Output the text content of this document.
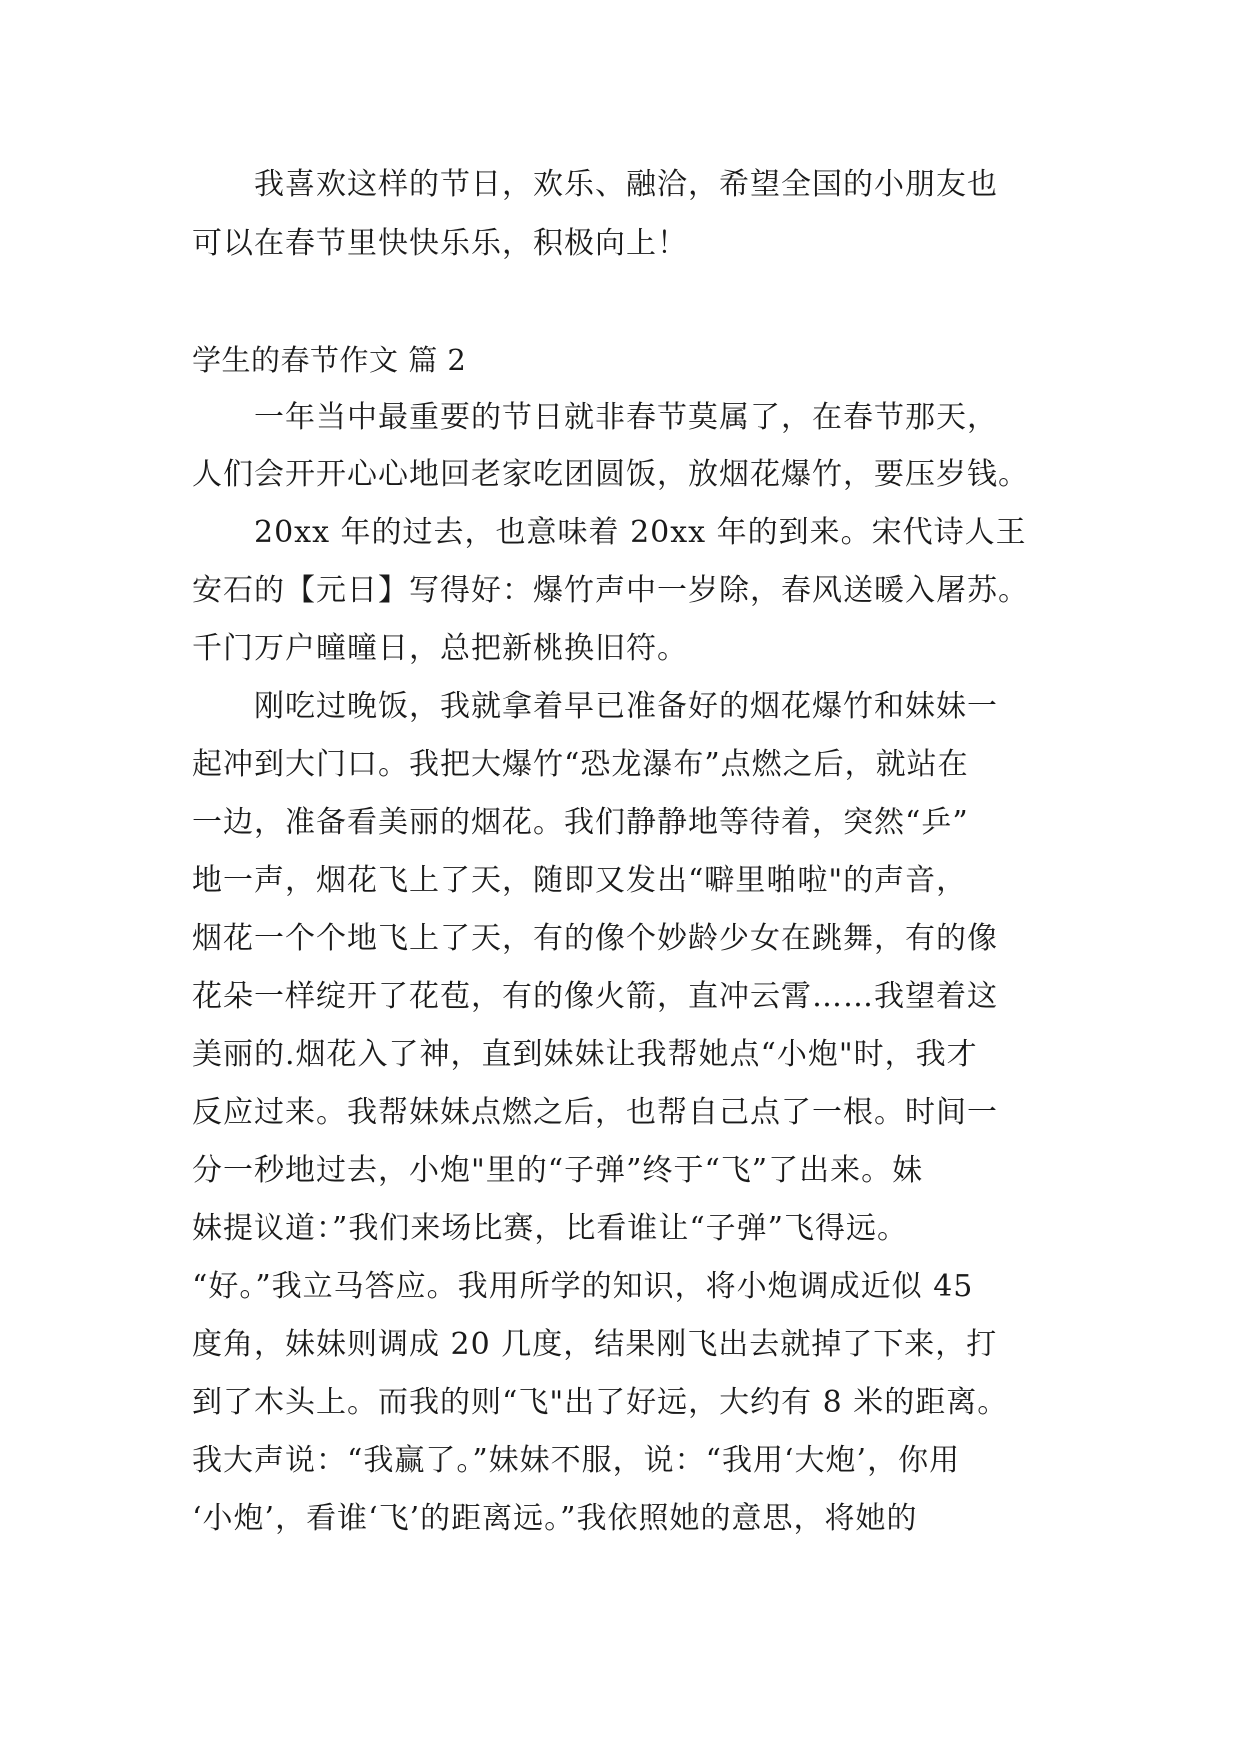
　　我喜欢这样的节日，欢乐、融洽，希望全国的小朋友也
可以在春节里快快乐乐，积极向上！
学生的春节作文 篇 2
　　一年当中最重要的节日就非春节莫属了，在春节那天，
人们会开开心心地回老家吃团圆饭，放烟花爆竹，要压岁钱。
　　20xx 年的过去，也意味着 20xx 年的到来。宋代诗人王
安石的【元日】写得好：爆竹声中一岁除，春风送暖入屠苏。
千门万户曈曈日，总把新桃换旧符。
　　刚吃过晚饭，我就拿着早已准备好的烟花爆竹和妹妹一
起冲到大门口。我把大爆竹“恐龙瀑布”点燃之后，就站在
一边，准备看美丽的烟花。我们静静地等待着，突然“乒”
地一声，烟花飞上了天，随即又发出“噼里啪啦"的声音，
烟花一个个地飞上了天，有的像个妙龄少女在跳舞，有的像
花朵一样绽开了花苞，有的像火箭，直冲云霄……我望着这
美丽的.烟花入了神，直到妹妹让我帮她点“小炮"时，我才
反应过来。我帮妹妹点燃之后，也帮自己点了一根。时间一
分一秒地过去，小炮"里的“子弹”终于“飞”了出来。妹
妹提议道：”我们来场比赛，比看谁让“子弹”飞得远。
“好。”我立马答应。我用所学的知识，将小炮调成近似 45
度角，妹妹则调成 20 几度，结果刚飞出去就掉了下来，打
到了木头上。而我的则“飞"出了好远，大约有 8 米的距离。
我大声说：“我赢了。”妹妹不服，说：“我用‘大炮’，你用
‘小炮’，看谁‘飞’的距离远。”我依照她的意思，将她的
